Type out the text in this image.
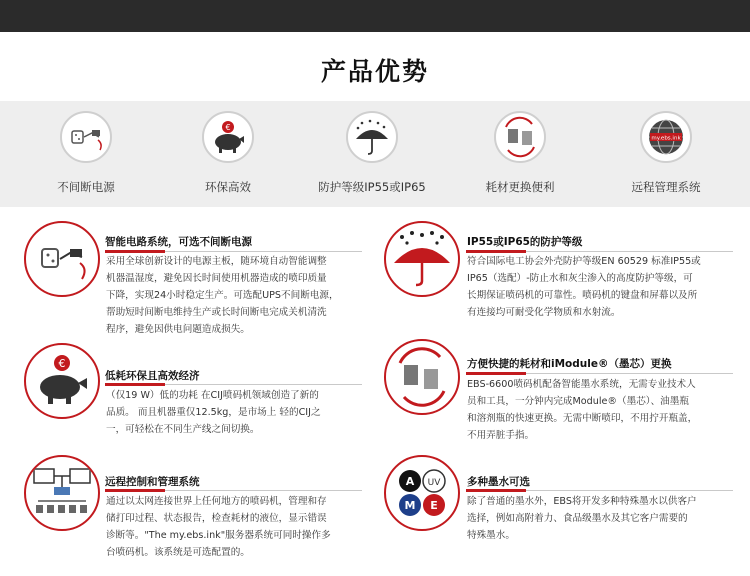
产品优势
不间断电源
€
环保高效	防护等级IP55或IP65	耗材更换便利
my.ebs.ink
远程管理系统
智能电路系统，可选不间断电源
采用全球创新设计的电源主板，随环境自动智能调整
机器温湿度，避免因长时间使用机器造成的喷印质量
下降，实现24小时稳定生产。可选配UPS不间断电源，
帮助短时间断电维持生产或长时间断电完成关机清洗
程序，避免因供电问题造成损失。
IP55或IP65的防护等级
符合国际电工协会外壳防护等级EN 60529 标准IP55或
IP65（选配）-防止水和灰尘渗入的高度防护等级，可
长期保证喷码机的可靠性。喷码机的键盘和屏幕以及所
有连接均可耐受化学物质和水射流。
€
低耗环保且高效经济
（仅19 W）低的功耗 在CIJ喷码机领域创造了新的
品质。 而且机器重仅12.5kg，是市场上 轻的CIJ之
一，可轻松在不同生产线之间切换。
方便快捷的耗材和iModule®（墨芯）更换
EBS-6600喷码机配备智能墨水系统，无需专业技术人
员和工具，一分钟内完成Module®（墨芯）、油墨瓶
和溶剂瓶的快速更换。无需中断喷印，不用拧开瓶盖，
不用弄脏手指。
远程控制和管理系统
通过以太网连接世界上任何地方的喷码机，管理和存
储打印过程、状态报告，检查耗材的液位，显示错误
诊断等。"The my.ebs.ink"服务器系统可同时操作多
台喷码机。该系统是可选配置的。
A UV
M E
多种墨水可选
除了普通的墨水外，EBS将开发多种特殊墨水以供客户
选择，例如高附着力、食品级墨水及其它客户需要的
特殊墨水。
